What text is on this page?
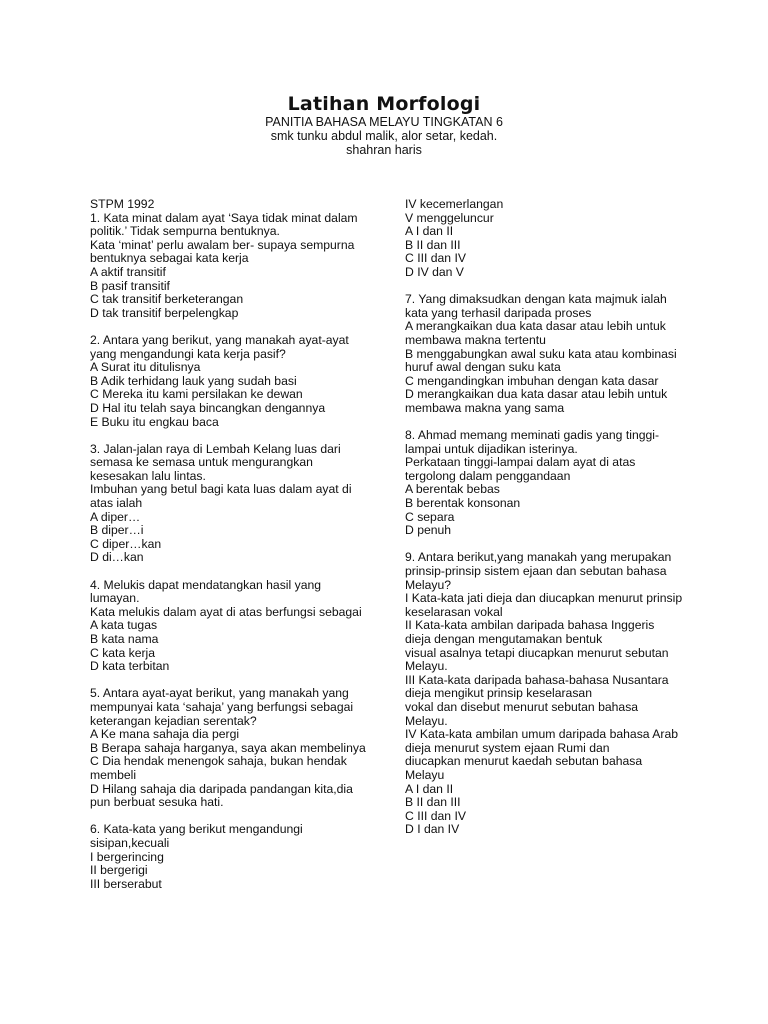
Latihan Morfologi
PANITIA BAHASA MELAYU TINGKATAN 6
smk tunku abdul malik, alor setar, kedah.
shahran haris
STPM 1992
1. Kata minat dalam ayat ‘Saya tidak minat dalam
politik.’ Tidak sempurna bentuknya.
Kata ‘minat’ perlu awalam ber- supaya sempurna
bentuknya sebagai kata kerja
A aktif transitif
B pasif transitif
C tak transitif berketerangan
D tak transitif berpelengkap
2. Antara yang berikut, yang manakah ayat-ayat
yang mengandungi kata kerja pasif?
A Surat itu ditulisnya
B Adik terhidang lauk yang sudah basi
C Mereka itu kami persilakan ke dewan
D Hal itu telah saya bincangkan dengannya
E Buku itu engkau baca
3. Jalan-jalan raya di Lembah Kelang luas dari
semasa ke semasa untuk mengurangkan
kesesakan lalu lintas.
Imbuhan yang betul bagi kata luas dalam ayat di
atas ialah
A diper…
B diper…i
C diper…kan
D di…kan
4. Melukis dapat mendatangkan hasil yang
lumayan.
Kata melukis dalam ayat di atas berfungsi sebagai
A kata tugas
B kata nama
C kata kerja
D kata terbitan
5. Antara ayat-ayat berikut, yang manakah yang
mempunyai kata ‘sahaja’ yang berfungsi sebagai
keterangan kejadian serentak?
A Ke mana sahaja dia pergi
B Berapa sahaja harganya, saya akan membelinya
C Dia hendak menengok sahaja, bukan hendak
membeli
D Hilang sahaja dia daripada pandangan kita,dia
pun berbuat sesuka hati.
6. Kata-kata yang berikut mengandungi
sisipan,kecuali
I bergerincing
II bergerigi
III berserabut
IV kecemerlangan
V menggeluncur
A I dan II
B II dan III
C III dan IV
D IV dan V
7. Yang dimaksudkan dengan kata majmuk ialah
kata yang terhasil daripada proses
A merangkaikan dua kata dasar atau lebih untuk
membawa makna tertentu
B menggabungkan awal suku kata atau kombinasi
huruf awal dengan suku kata
C mengandingkan imbuhan dengan kata dasar
D merangkaikan dua kata dasar atau lebih untuk
membawa makna yang sama
8. Ahmad memang meminati gadis yang tinggi-
lampai untuk dijadikan isterinya.
Perkataan tinggi-lampai dalam ayat di atas
tergolong dalam penggandaan
A berentak bebas
B berentak konsonan
C separa
D penuh
9. Antara berikut,yang manakah yang merupakan
prinsip-prinsip sistem ejaan dan sebutan bahasa
Melayu?
I Kata-kata jati dieja dan diucapkan menurut prinsip
keselarasan vokal
II Kata-kata ambilan daripada bahasa Inggeris
dieja dengan mengutamakan bentuk
visual asalnya tetapi diucapkan menurut sebutan
Melayu.
III Kata-kata daripada bahasa-bahasa Nusantara
dieja mengikut prinsip keselarasan
vokal dan disebut menurut sebutan bahasa
Melayu.
IV Kata-kata ambilan umum daripada bahasa Arab
dieja menurut system ejaan Rumi dan
diucapkan menurut kaedah sebutan bahasa
Melayu
A I dan II
B II dan III
C III dan IV
D I dan IV
